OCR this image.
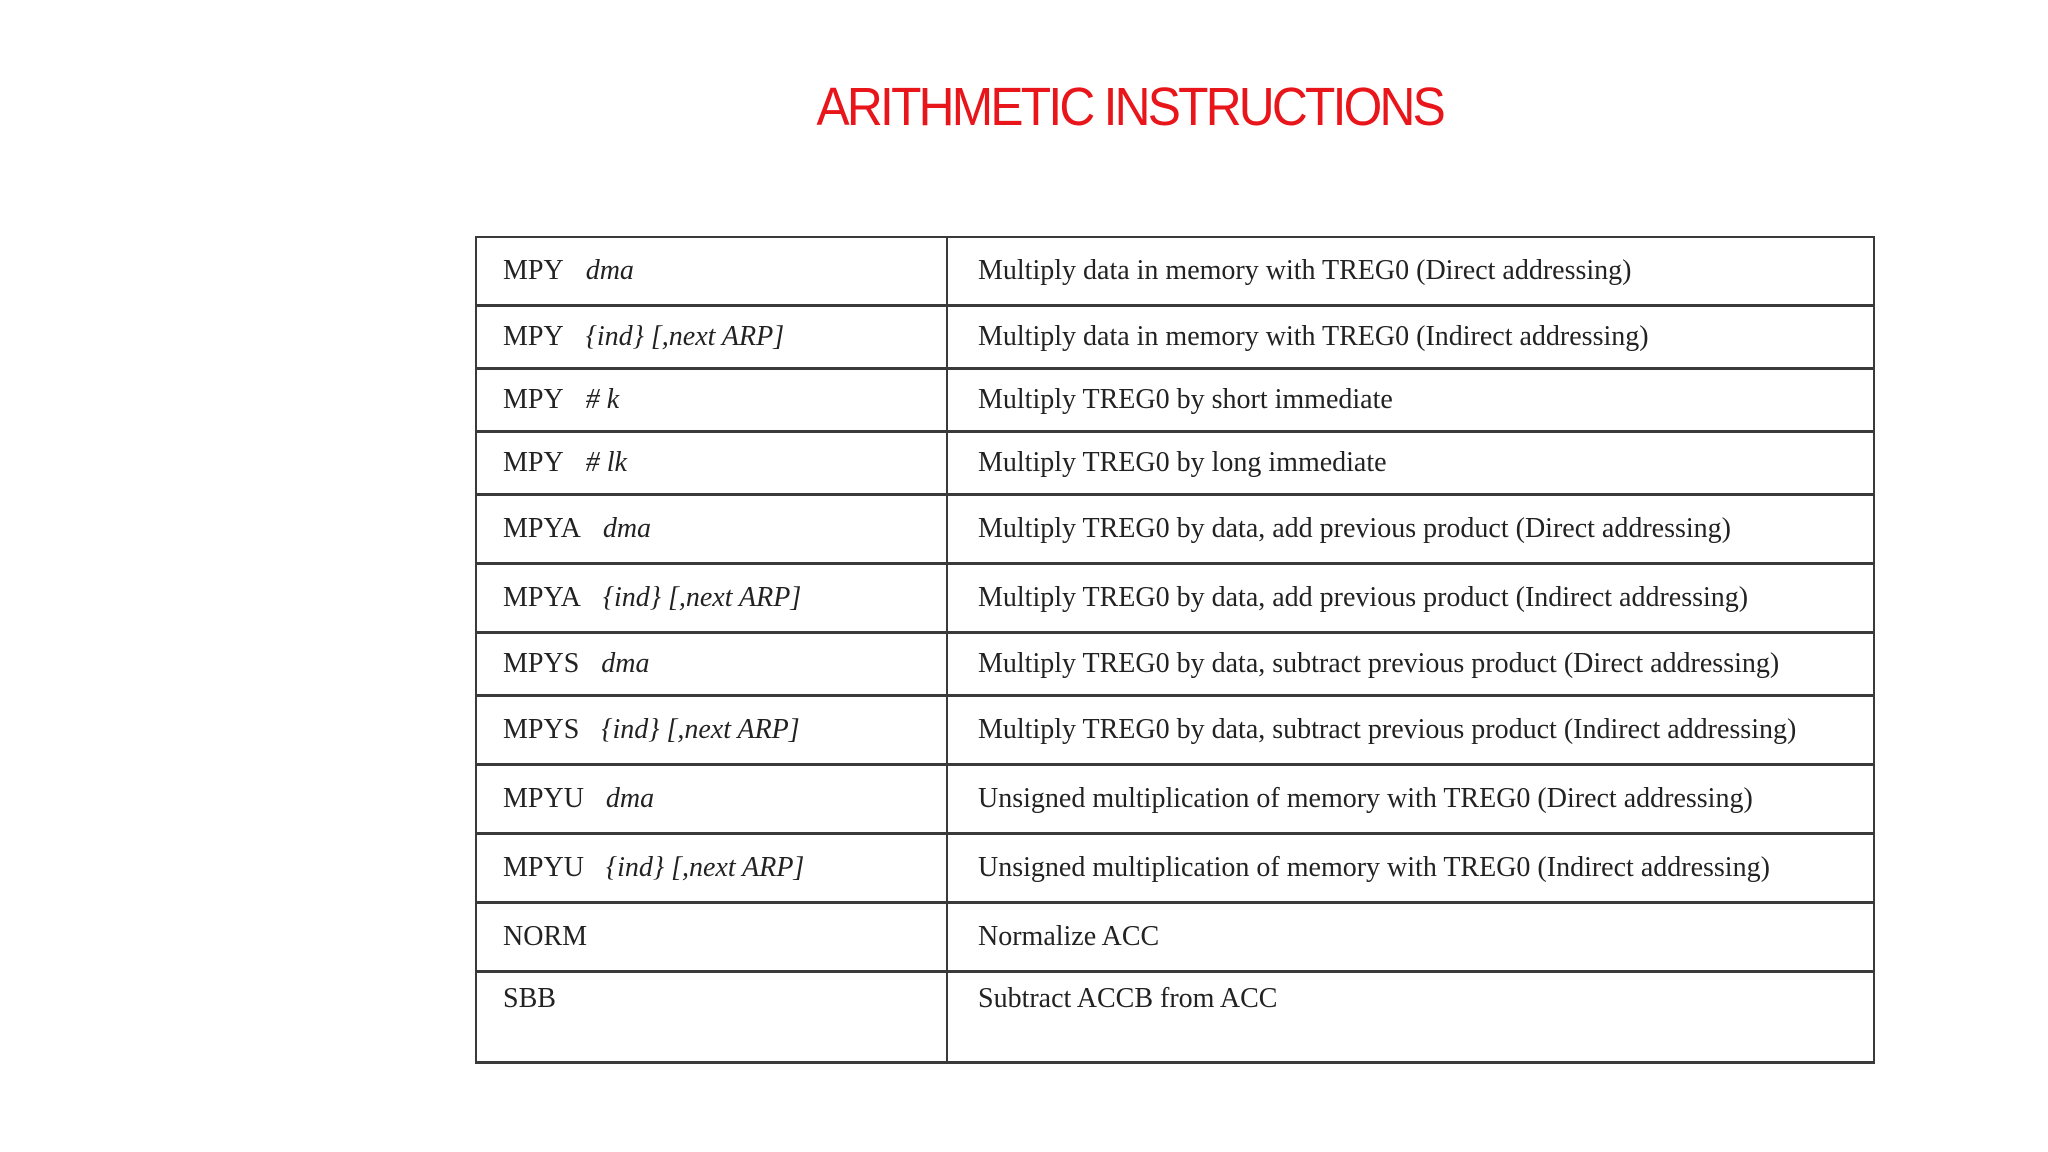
ARITHMETIC INSTRUCTIONS
MPY dma	Multiply data in memory with TREG0 (Direct addressing)
MPY {ind} [,next ARP]	Multiply data in memory with TREG0 (Indirect addressing)
MPY # k	Multiply TREG0 by short immediate
MPY # lk	Multiply TREG0 by long immediate
MPYA dma	Multiply TREG0 by data, add previous product (Direct addressing)
MPYA {ind} [,next ARP]	Multiply TREG0 by data, add previous product (Indirect addressing)
MPYS dma	Multiply TREG0 by data, subtract previous product (Direct addressing)
MPYS {ind} [,next ARP]	Multiply TREG0 by data, subtract previous product (Indirect addressing)
MPYU dma	Unsigned multiplication of memory with TREG0 (Direct addressing)
MPYU {ind} [,next ARP]	Unsigned multiplication of memory with TREG0 (Indirect addressing)
NORM	Normalize ACC
SBB	Subtract ACCB from ACC
